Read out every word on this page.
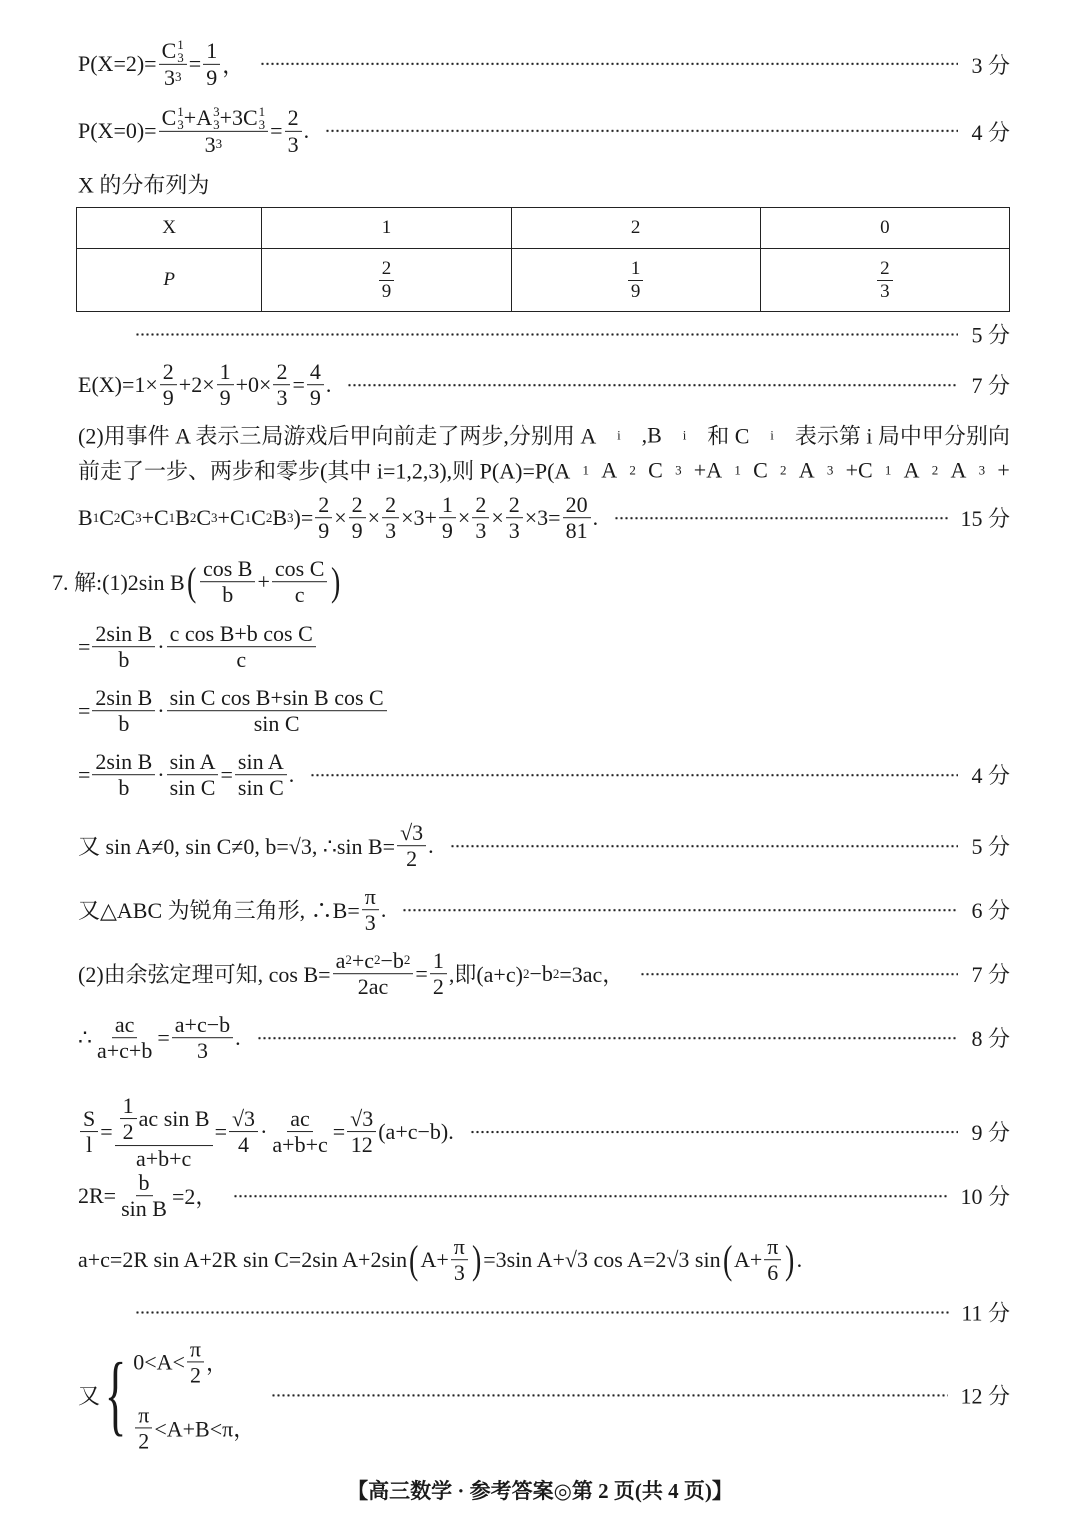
P(X=2)= C 1
3
3 $3 = \frac{1}{9}$ ，	3 分
P(X=0)= C 1
3 +A 3
3 +3C 1
3
3 $3 = \frac{2}{3}$ .	4 分
X 的分布列为
5 分
$E(X)=1\times \frac{2}{9} +2\times \frac{1}{9} +0\times \frac{2}{3} = \frac{4}{9}$ .	7 分
(2)用事件 A 表示三局游戏后甲向前走了两步,分别用 A i ,B i 和 C i 表示第 i 局中甲分别向
前走了一步、两步和零步(其中 i=1,2,3),则 P(A)=P(A 1 A 2 C 3 +A 1 C 2 A 3 +C 1 A 2 A 3 +
B 1 C 2 C 3 +C 1 B 2 C 3 +C 1 C 2 B 3 )= $\frac{2}{9} \times \frac{2}{9} \times \frac{2}{3} \times 3+ \frac{1}{9} \times \frac{2}{3} \times \frac{2}{3} \times 3= \frac{20}{81}$ .	15 分
7. 解:(1)2sin B ( $\frac{\text{cos B}}{b} + \frac{\text{cos C}}{c}$ )
= $\frac{\text{2sin B}}{b} \cdot \frac{\text{c cos B+b cos C}}{c}$
= $\frac{\text{2sin B}}{b} \cdot \frac{\text{sin C cos B+sin B cos C}}{\text{sin C}}$
= $\frac{\text{2sin B}}{b} \cdot \frac{\text{sin A}}{\text{sin C}} = \frac{\text{sin A}}{\text{sin C}}$ .	4 分
又 sin A≠0, sin C≠0, b=√3, ∴sin $B= \frac{√3}{2}$ .	5 分
又△ABC 为锐角三角形, ∴B= $\frac{\pi}{3}$ .	6 分
(2)由余弦定理可知, $\cos B= \frac{a 2 +c 2 -b 2}{2ac} = \frac{1}{2}$ ,即(a+c) 2 −b 2 =3ac，	7 分
∴ $\frac{ac}{a+c+b} = \frac{a+c-b}{3}$ .	8 分
$\frac{S}{l} = \frac{\frac{1}{2} ac \sin B}{a+b+c} = \frac{√3}{4} \cdot \frac{ac}{a+b+c} = \frac{√3}{12} (a+c-b)$.	9 分
$2R= \frac{b}{\text{sin B}} =2$，	10 分
a+c=2R sin A+2R sin C=2sin A+2sin ( $A+ \frac{\pi}{3}$ ) =3sin A+√3 cos A=2√3 sin ( $A+ \frac{\pi}{6}$ ) .
11 分
又 { $0<A< \frac{\pi}{2}$ ，
$\frac{\pi}{2} <A+B<\pi$，
12 分
X	1	2	0
P	$\frac{2}{9}$	$\frac{1}{9}$	$\frac{2}{3}$
【高三数学 · 参考答案◎第 2 页(共 4 页)】
